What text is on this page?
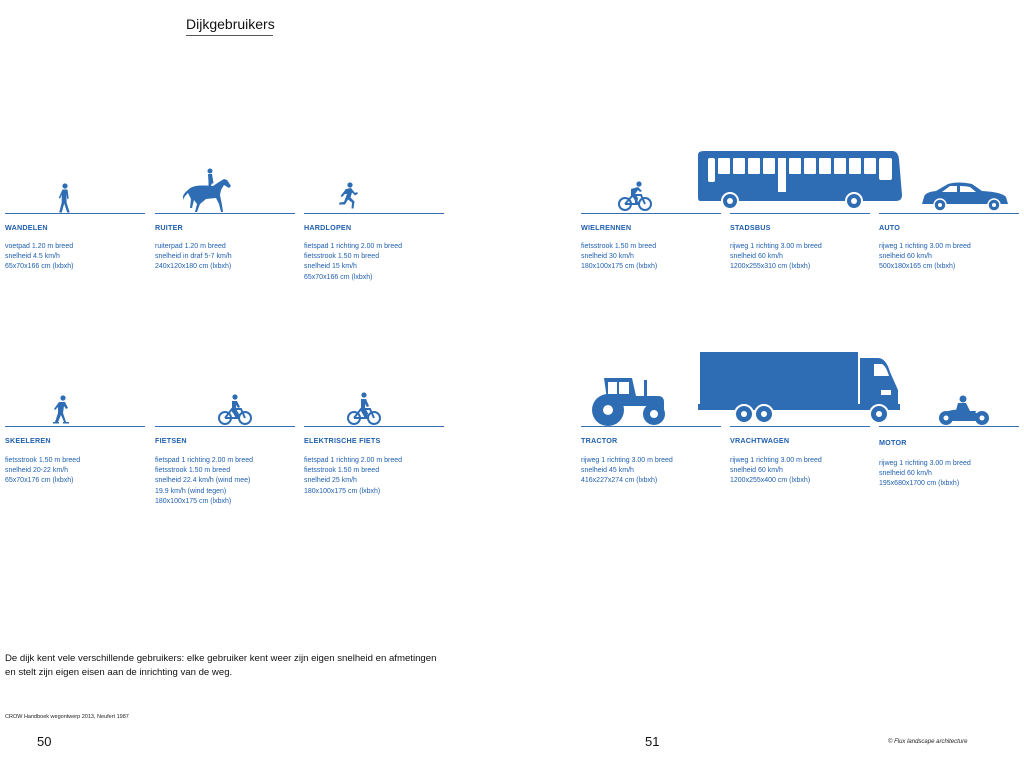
Dijkgebruikers
WANDELEN
voetpad 1.20 m breed
snelheid 4.5 km/h
65x70x166 cm (lxbxh)
RUITER
ruiterpad 1.20 m breed
snelheid in draf 5-7 km/h
240x120x180 cm (lxbxh)
HARDLOPEN
fietspad 1 richting 2.00 m breed
fietsstrook 1.50 m breed
snelheid 15 km/h
65x70x166 cm (lxbxh)
WIELRENNEN
fietsstrook 1.50 m breed
snelheid 30 km/h
180x100x175 cm (lxbxh)
STADSBUS
rijweg 1 richting 3.00 m breed
snelheid 60 km/h
1200x255x310 cm (lxbxh)
AUTO
rijweg 1 richting 3.00 m breed
snelheid 60 km/h
500x180x165 cm (lxbxh)
SKEELEREN
fietsstrook 1.50 m breed
snelheid 20-22 km/h
65x70x176 cm (lxbxh)
FIETSEN
fietspad 1 richting 2.00 m breed
fietsstrook 1.50 m breed
snelheid 22.4 km/h (wind mee)
19.9 km/h (wind tegen)
180x100x175 cm (lxbxh)
ELEKTRISCHE FIETS
fietspad 1 richting 2.00 m breed
fietsstrook 1.50 m breed
snelheid 25 km/h
180x100x175 cm (lxbxh)
TRACTOR
rijweg 1 richting 3.00 m breed
snelheid 45 km/h
416x227x274 cm (lxbxh)
VRACHTWAGEN
rijweg 1 richting 3.00 m breed
snelheid 60 km/h
1200x255x400 cm (lxbxh)
MOTOR
rijweg 1 richting 3.00 m breed
snelheid 60 km/h
195x680x1700 cm (lxbxh)
De dijk kent vele verschillende gebruikers: elke gebruiker kent weer zijn eigen snelheid en afmetingen
en stelt zijn eigen eisen aan de inrichting van de weg.
CROW Handboek wegontwerp 2013, Neufert 1987
50	51	© Flux landscape architecture
